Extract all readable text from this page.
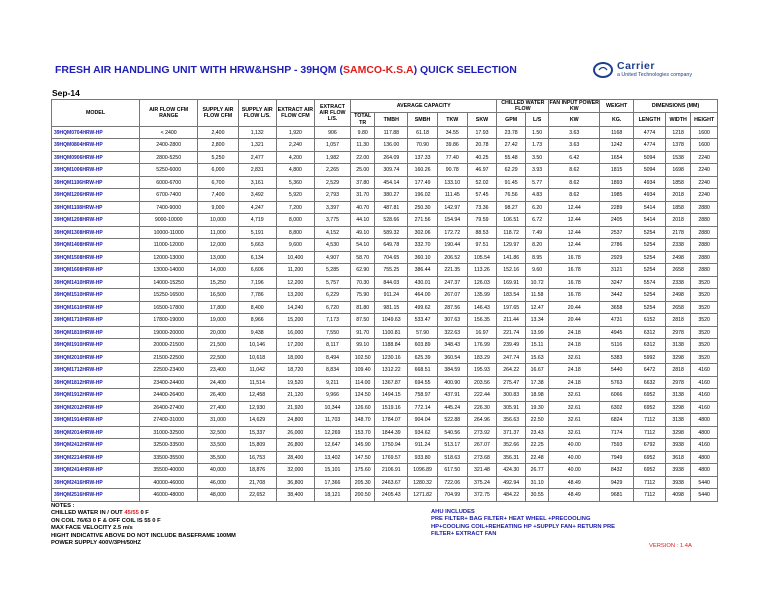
FRESH AIR HANDLING UNIT WITH HRW&HSHP - 39HQM (SAMCO-K.S.A) QUICK SELECTION	Carrier
a United Technologies company
Sep-14
MODEL	AIR FLOW CFM RANGE	SUPPLY AIR FLOW CFM	SUPPLY AIR FLOW L/S.	EXTRACT AIR FLOW CFM	EXTRACT AIR FLOW L/S.	AVERAGE CAPACITY					CHILLED WATER FLOW		FAN INPUT POWER KW	WEIGHT	DIMENSIONS (MM)		

						TOTAL TR	TMBH	SMBH	TKW	SKW	GPM	L/S	KW	KG.	LENGTH	WIDTH	HEIGHT
39HQM0704HRW-HP	< 2400	2,400	1,132	1,920	906	9.80	117.88	61.18	34.55	17.93	23.78	1.50	3.63	1168	4774	1218	1600
39HQM0804HRW-HP	2400-2800	2,800	1,321	2,240	1,057	11.30	136.00	70.90	39.86	20.78	27.42	1.73	3.63	1242	4774	1378	1600
39HQM0906HRW-HP	2800-5250	5,250	2,477	4,200	1,982	22.00	264.09	137.33	77.40	40.25	55.48	3.50	6.42	1654	5094	1538	2240
39HQM1006HRW-HP	5250-6000	6,000	2,831	4,800	2,265	25.00	309.74	160.26	90.78	46.97	62.29	3.93	8.62	1815	5094	1698	2240
39HQM1106HRW-HP	6000-6700	6,700	3,161	5,360	2,529	37.80	454.14	177.49	133.10	52.02	91.45	5.77	8.62	1893	4934	1858	2240
39HQM1206HRW-HP	6700-7400	7,400	3,492	5,920	2,793	31.70	380.27	196.02	111.45	57.45	76.56	4.83	8.62	1985	4934	2018	2240
39HQM1108HRW-HP	7400-9000	9,000	4,247	7,200	3,397	40.70	487.81	250.30	142.97	73.36	98.27	6.20	12.44	2289	5414	1858	2880
39HQM1208HRW-HP	9000-10000	10,000	4,719	8,000	3,775	44.10	528.66	271.56	154.94	79.59	106.51	6.72	12.44	2405	5414	2018	2880
39HQM1308HRW-HP	10000-11000	11,000	5,191	8,800	4,152	49.10	589.32	302.06	172.72	88.53	118.72	7.49	12.44	2537	5254	2178	2880
39HQM1408HRW-HP	11000-12000	12,000	5,663	9,600	4,530	54.10	649.78	332.70	190.44	97.51	129.97	8.20	12.44	2786	5254	2338	2880
39HQM1508HRW-HP	12000-13000	13,000	6,134	10,400	4,907	58.70	704.65	360.10	206.52	105.54	141.86	8.95	16.78	2929	5254	2498	2880
39HQM1608HRW-HP	13000-14000	14,000	6,606	11,200	5,285	62.90	755.25	386.44	221.35	113.26	152.16	9.60	16.78	3121	5254	2658	2880
39HQM1410HRW-HP	14000-15250	15,250	7,196	12,200	5,757	70.30	844.03	430.01	247.37	126.03	169.91	10.72	16.78	3247	5574	2338	3520
39HQM1510HRW-HP	15250-16500	16,500	7,786	13,200	6,229	75.90	911.24	464.00	267.07	135.99	183.54	11.58	16.78	3442	5254	2498	3520
39HQM1610HRW-HP	16500-17800	17,800	8,400	14,240	6,720	81.80	981.15	499.62	287.56	146.43	197.65	12.47	20.44	3658	5254	2658	3520
39HQM1710HRW-HP	17800-19000	19,000	8,966	15,200	7,173	87.50	1049.63	533.47	307.63	156.35	211.44	13.34	20.44	4731	6152	2818	3520
39HQM1810HRW-HP	19000-20000	20,000	9,438	16,000	7,550	91.70	1100.81	57.90	322.63	16.97	221.74	13.99	24.18	4945	6312	2978	3520
39HQM1910HRW-HP	20000-21500	21,500	10,146	17,200	8,117	99.10	1188.84	603.89	348.43	176.99	239.49	15.11	24.18	5116	6312	3138	3520
39HQM2010HRW-HP	21500-22500	22,500	10,618	18,000	8,494	102.50	1230.16	625.39	360.54	183.29	247.74	15.63	32.61	5383	5992	3298	3520
39HQM1712HRW-HP	22500-23400	23,400	11,042	18,720	8,834	109.40	1312.22	668.51	384.59	195.93	264.22	16.67	24.18	5440	6472	2818	4160
39HQM1812HRW-HP	23400-24400	24,400	11,514	19,520	9,211	114.00	1367.87	694.55	400.90	203.56	275.47	17.38	24.18	5763	6632	2978	4160
39HQM1912HRW-HP	24400-26400	26,400	12,458	21,120	9,966	124.50	1494.15	758.97	437.91	222.44	300.83	18.98	32.61	6066	6952	3138	4160
39HQM2012HRW-HP	26400-27400	27,400	12,930	21,920	10,344	126.60	1519.16	772.14	445.24	226.30	305.91	19.30	32.61	6302	6952	3298	4160
39HQM1914HRW-HP	27400-31000	31,000	14,629	24,800	11,703	148.70	1784.07	904.04	522.88	264.96	356.63	22.50	32.61	6824	7112	3138	4800
39HQM2014HRW-HP	31000-32500	32,500	15,337	26,000	12,269	153.70	1844.39	934.62	540.56	273.92	371.37	23.43	32.61	7174	7112	3298	4800
39HQM2412HRW-HP	32500-33500	33,500	15,809	26,800	12,647	145.90	1750.94	911.24	513.17	267.07	352.66	22.25	40.00	7593	6792	3938	4160
39HQM2214HRW-HP	33500-35500	35,500	16,753	28,400	13,402	147.50	1769.57	933.80	518.63	273.68	356.31	22.48	40.00	7949	6952	3618	4800
39HQM2414HRW-HP	35500-40000	40,000	18,876	32,000	15,101	175.60	2106.91	1096.89	617.50	321.48	424.30	26.77	40.00	8432	6952	3938	4800
39HQM2416HRW-HP	40000-46000	46,000	21,708	36,800	17,366	205.30	2463.67	1280.32	722.06	375.24	492.94	31.10	48.49	9429	7112	3938	5440
39HQM2516HRW-HP	46000-48000	48,000	22,652	38,400	18,121	200.50	2405.43	1271.82	704.99	372.75	484.22	30.55	48.49	9681	7112	4098	5440
NOTES :
CHILLED WATER IN / OUT 45/55 0 F
ON COIL 76/63 0 F & OFF COIL IS 55 0 F
MAX FACE VELOCITY 2.5 m/s
HIGHT INDICATIVE ABOVE DO NOT INCLUDE BASEFRAME 100MM
POWER SUPPLY 400V/3PH/50HZ
AHU INCLUDES
PRE FILTER+ BAG FILTER+ HEAT WHEEL +PRECOOLING
HP+COOLING COIL+REHEATING HP +SUPPLY FAN+ RETURN PRE
FILTER+ EXTRACT FAN
VERSION : 1.4A
